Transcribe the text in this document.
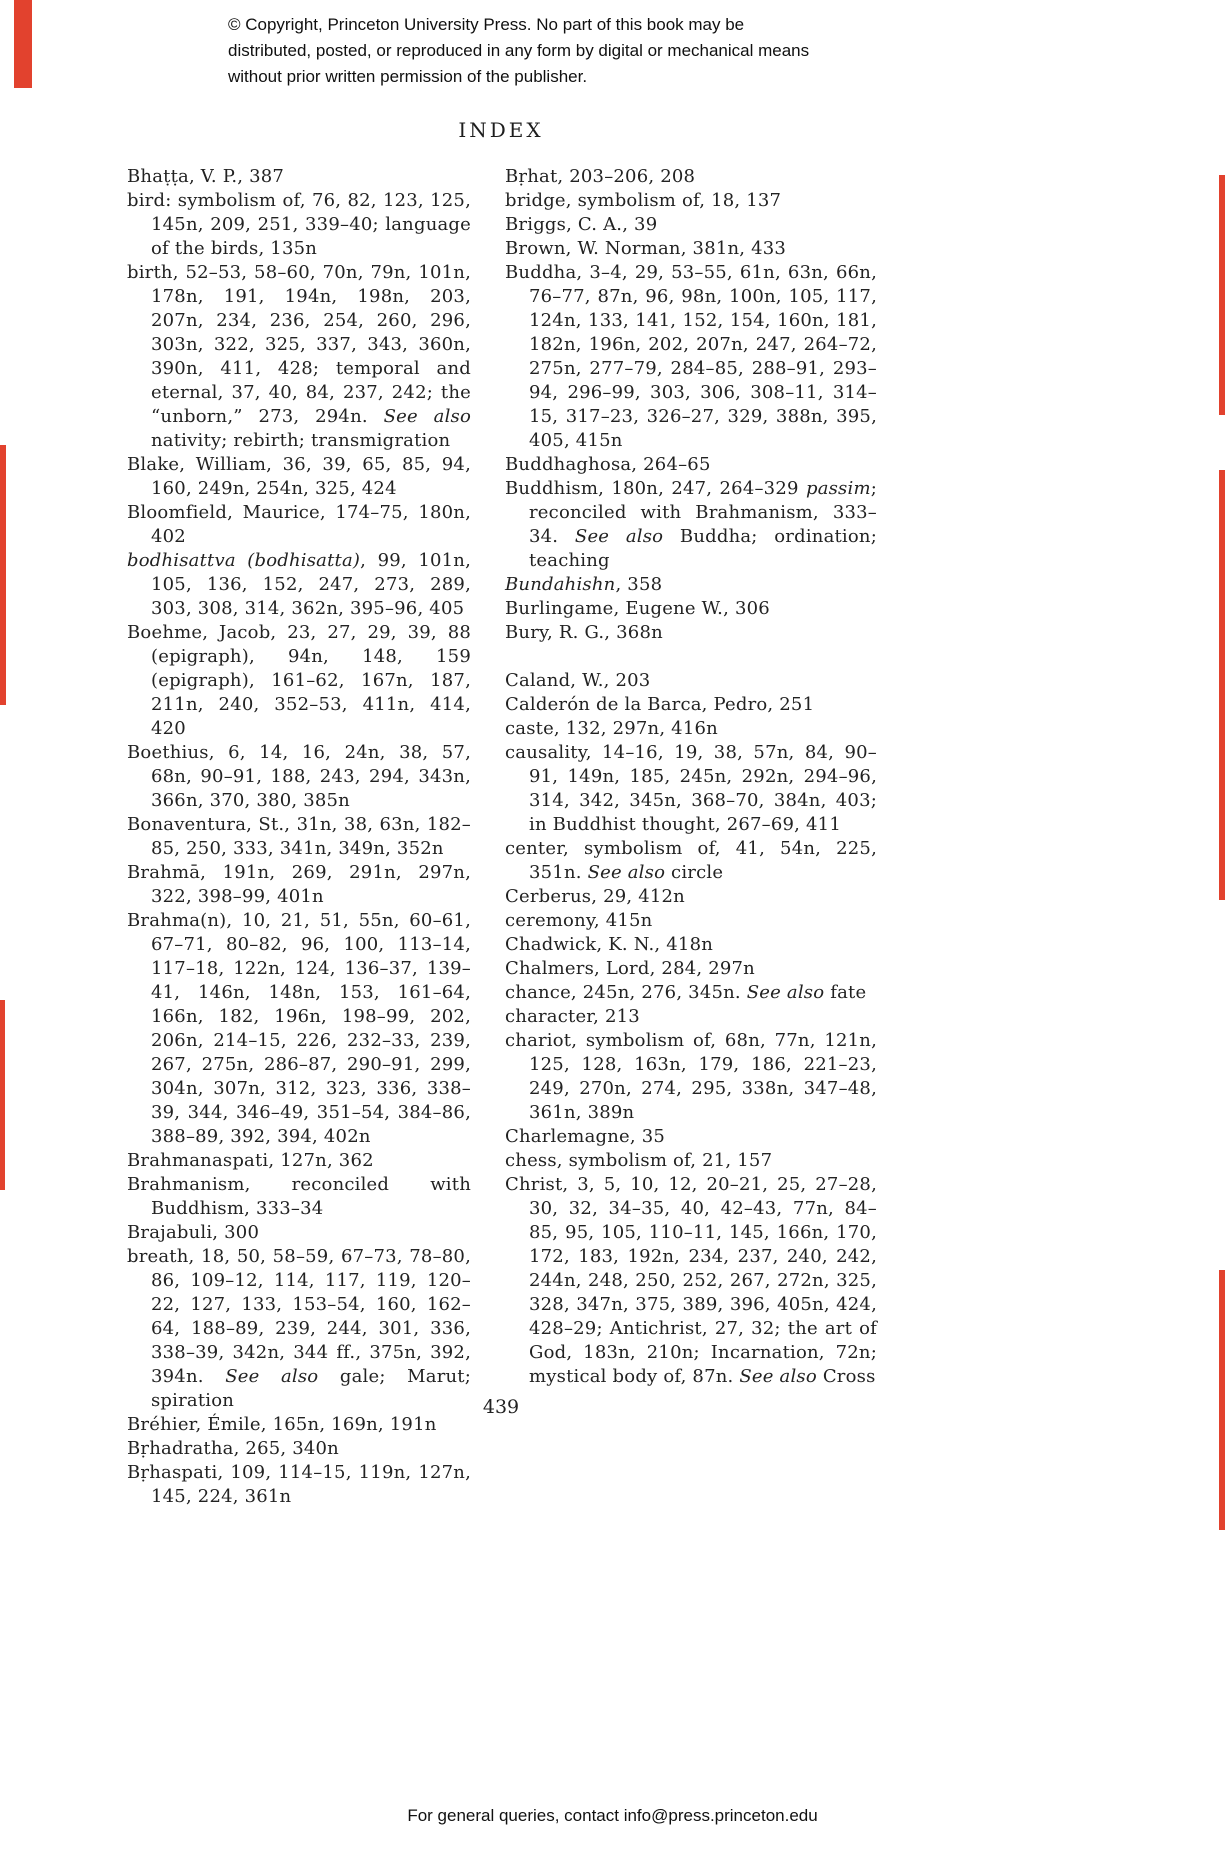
© Copyright, Princeton University Press. No part of this book may be distributed, posted, or reproduced in any form by digital or mechanical means without prior written permission of the publisher.
INDEX

Bhaṭṭa, V. P., 387

bird: symbolism of, 76, 82, 123, 125, 145n, 209, 251, 339–40; language of the birds, 135n

birth, 52–53, 58–60, 70n, 79n, 101n, 178n, 191, 194n, 198n, 203, 207n, 234, 236, 254, 260, 296, 303n, 322, 325, 337, 343, 360n, 390n, 411, 428; temporal and eternal, 37, 40, 84, 237, 242; the “unborn,” 273, 294n. See also nativity; rebirth; transmigration

Blake, William, 36, 39, 65, 85, 94, 160, 249n, 254n, 325, 424

Bloomfield, Maurice, 174–75, 180n, 402

bodhisattva (bodhisatta), 99, 101n, 105, 136, 152, 247, 273, 289, 303, 308, 314, 362n, 395–96, 405

Boehme, Jacob, 23, 27, 29, 39, 88 (epigraph), 94n, 148, 159 (epigraph), 161–62, 167n, 187, 211n, 240, 352–53, 411n, 414, 420

Boethius, 6, 14, 16, 24n, 38, 57, 68n, 90–91, 188, 243, 294, 343n, 366n, 370, 380, 385n

Bonaventura, St., 31n, 38, 63n, 182–85, 250, 333, 341n, 349n, 352n

Brahmā, 191n, 269, 291n, 297n, 322, 398–99, 401n

Brahma(n), 10, 21, 51, 55n, 60–61, 67–71, 80–82, 96, 100, 113–14, 117–18, 122n, 124, 136–37, 139–41, 146n, 148n, 153, 161–64, 166n, 182, 196n, 198–99, 202, 206n, 214–15, 226, 232–33, 239, 267, 275n, 286–87, 290–91, 299, 304n, 307n, 312, 323, 336, 338–39, 344, 346–49, 351–54, 384–86, 388–89, 392, 394, 402n

Brahmanaspati, 127n, 362

Brahmanism, reconciled with Buddhism, 333–34

Brajabuli, 300

breath, 18, 50, 58–59, 67–73, 78–80, 86, 109–12, 114, 117, 119, 120–22, 127, 133, 153–54, 160, 162–64, 188–89, 239, 244, 301, 336, 338–39, 342n, 344 ff., 375n, 392, 394n. See also gale; Marut; spiration

Bréhier, Émile, 165n, 169n, 191n

Bṛhadratha, 265, 340n

Bṛhaspati, 109, 114–15, 119n, 127n, 145, 224, 361n

Bṛhat, 203–206, 208

bridge, symbolism of, 18, 137

Briggs, C. A., 39

Brown, W. Norman, 381n, 433

Buddha, 3–4, 29, 53–55, 61n, 63n, 66n, 76–77, 87n, 96, 98n, 100n, 105, 117, 124n, 133, 141, 152, 154, 160n, 181, 182n, 196n, 202, 207n, 247, 264–72, 275n, 277–79, 284–85, 288–91, 293–94, 296–99, 303, 306, 308–11, 314–15, 317–23, 326–27, 329, 388n, 395, 405, 415n

Buddhaghosa, 264–65

Buddhism, 180n, 247, 264–329 passim; reconciled with Brahmanism, 333–34. See also Buddha; ordination; teaching

Bundahishn, 358

Burlingame, Eugene W., 306

Bury, R. G., 368n

Caland, W., 203

Calderón de la Barca, Pedro, 251

caste, 132, 297n, 416n

causality, 14–16, 19, 38, 57n, 84, 90–91, 149n, 185, 245n, 292n, 294–96, 314, 342, 345n, 368–70, 384n, 403; in Buddhist thought, 267–69, 411

center, symbolism of, 41, 54n, 225, 351n. See also circle

Cerberus, 29, 412n

ceremony, 415n

Chadwick, K. N., 418n

Chalmers, Lord, 284, 297n

chance, 245n, 276, 345n. See also fate

character, 213

chariot, symbolism of, 68n, 77n, 121n, 125, 128, 163n, 179, 186, 221–23, 249, 270n, 274, 295, 338n, 347–48, 361n, 389n

Charlemagne, 35

chess, symbolism of, 21, 157

Christ, 3, 5, 10, 12, 20–21, 25, 27–28, 30, 32, 34–35, 40, 42–43, 77n, 84–85, 95, 105, 110–11, 145, 166n, 170, 172, 183, 192n, 234, 237, 240, 242, 244n, 248, 250, 252, 267, 272n, 325, 328, 347n, 375, 389, 396, 405n, 424, 428–29; Antichrist, 27, 32; the art of God, 183n, 210n; Incarnation, 72n; mystical body of, 87n. See also Cross

439
For general queries, contact info@press.princeton.edu
